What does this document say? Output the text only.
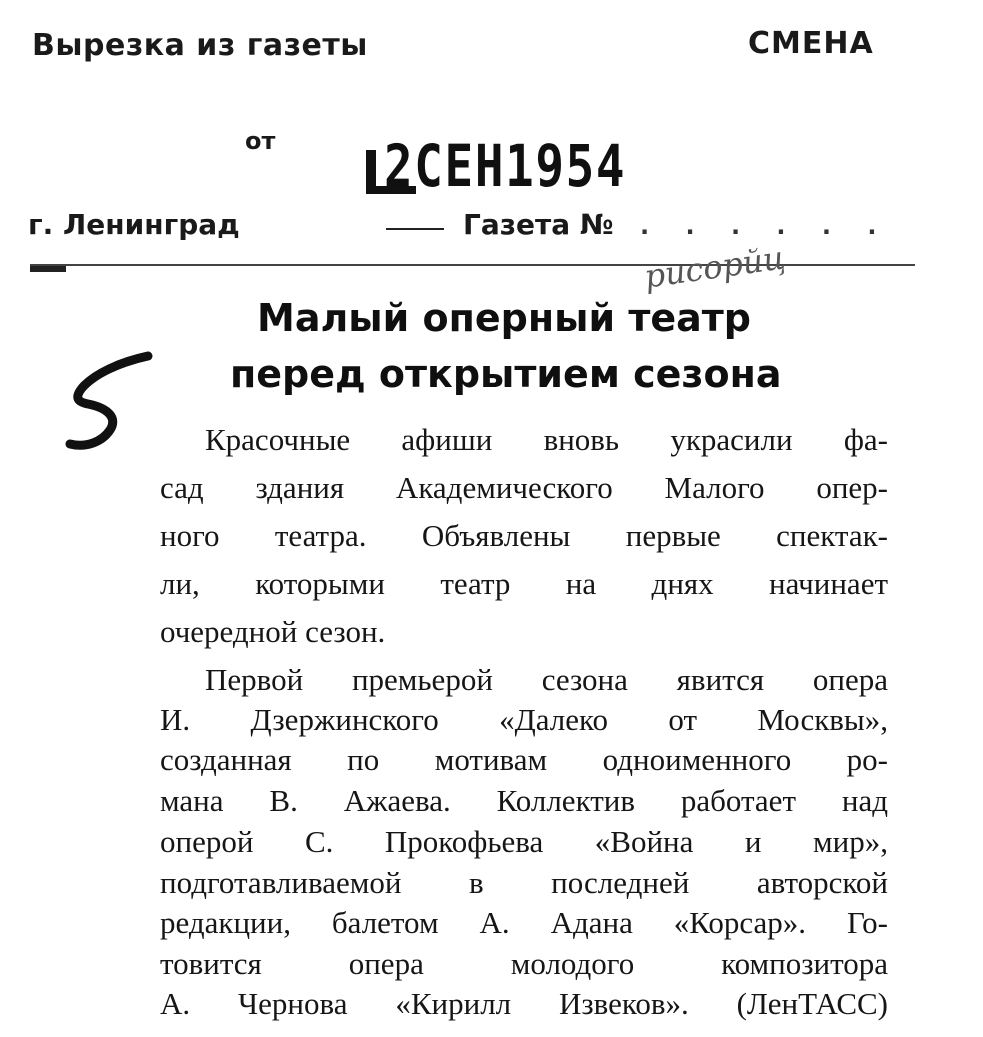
Вырезка из газеты	СМЕНА
от 2СЕН1954
г. Ленинград	Газета № . . . . . .
рисорйц
Малый оперный театр
перед открытием сезона
Красочные афиши вновь украсили фа-
сад здания Академического Малого опер-
ного театра. Объявлены первые спектак-
ли, которыми театр на днях начинает
очередной сезон.
Первой премьерой сезона явится опера
И. Дзержинского «Далеко от Москвы»,
созданная по мотивам одноименного ро-
мана В. Ажаева. Коллектив работает над
оперой С. Прокофьева «Война и мир»,
подготавливаемой в последней авторской
редакции, балетом А. Адана «Корсар». Го-
товится опера молодого композитора
А. Чернова «Кирилл Извеков». (ЛенТАСС)
